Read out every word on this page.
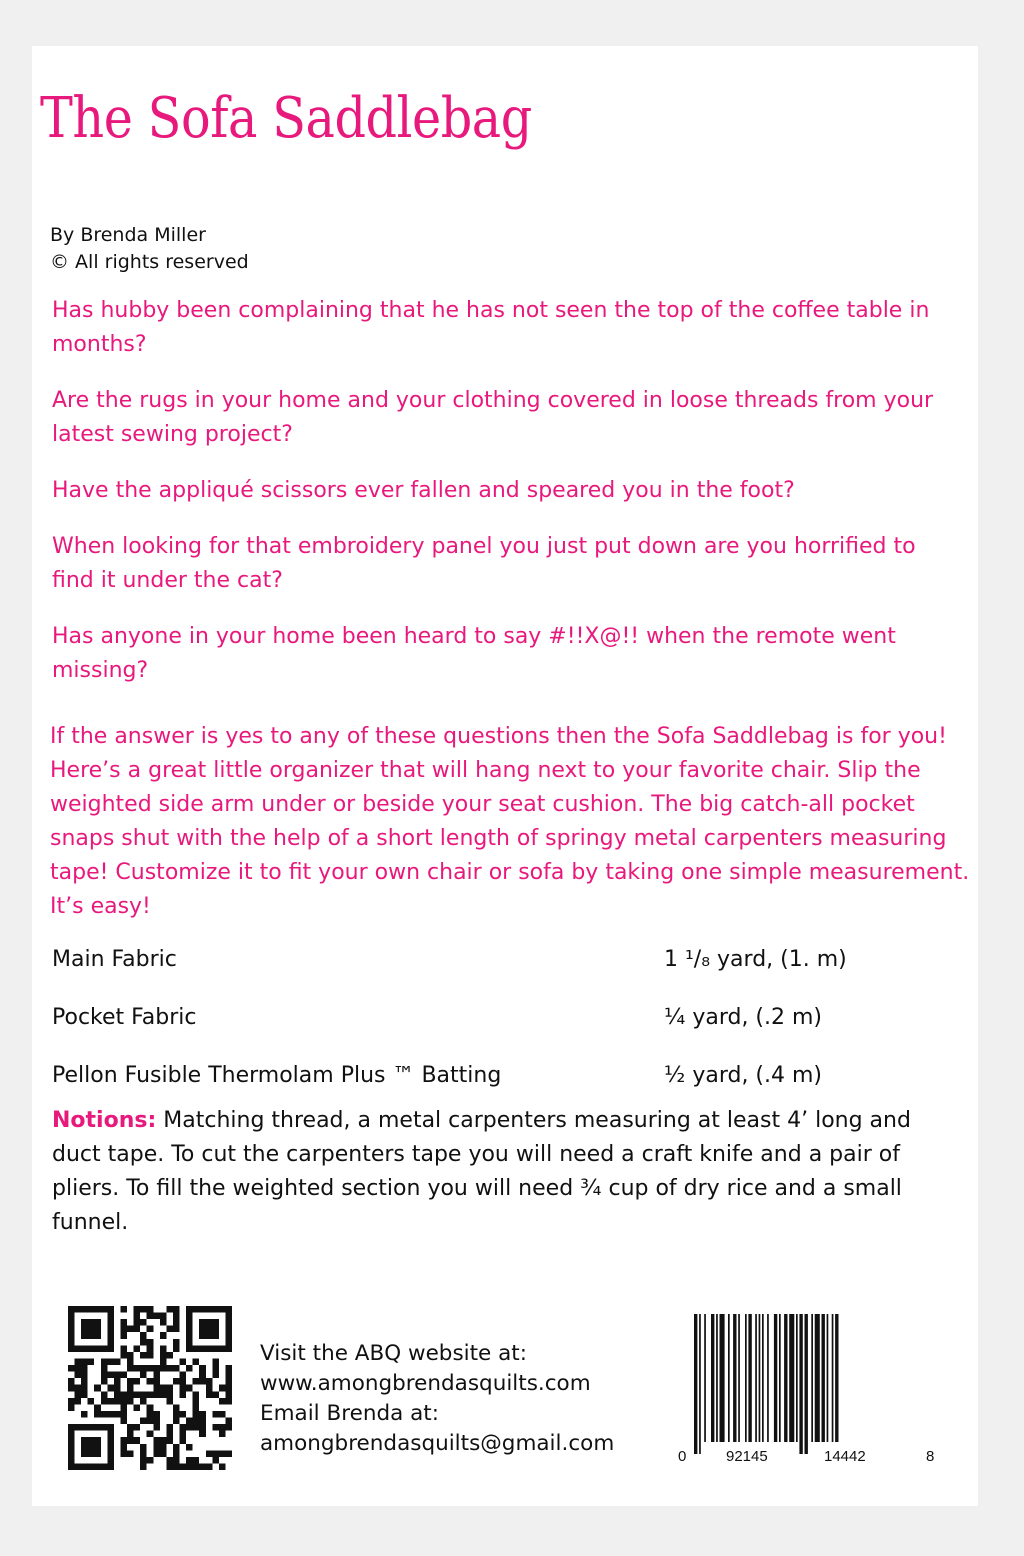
The Sofa Saddlebag
By Brenda Miller
© All rights reserved

Has hubby been complaining that he has not seen the top of the coffee table in months?

Are the rugs in your home and your clothing covered in loose threads from your latest sewing project?

Have the appliqué scissors ever fallen and speared you in the foot?

When looking for that embroidery panel you just put down are you horrified to find it under the cat?

Has anyone in your home been heard to say #!!X@!! when the remote went missing?

If the answer is yes to any of these questions then the Sofa Saddlebag is for you! Here’s a great little organizer that will hang next to your favorite chair. Slip the weighted side arm under or beside your seat cushion. The big catch-all pocket snaps shut with the help of a short length of springy metal carpenters measuring tape! Customize it to fit your own chair or sofa by taking one simple measurement. It’s easy!
Main Fabric	1 ¹/₈ yard, (1. m)
Pocket Fabric	¼ yard, (.2 m)
Pellon Fusible Thermolam Plus ™ Batting	½ yard, (.4 m)
Notions: Matching thread, a metal carpenters measuring at least 4’ long and duct tape. To cut the carpenters tape you will need a craft knife and a pair of pliers. To fill the weighted section you will need ¾ cup of dry rice and a small funnel.
Visit the ABQ website at:
www.amongbrendasquilts.com
Email Brenda at:
amongbrendasquilts@gmail.com
0	92145	14442	8
